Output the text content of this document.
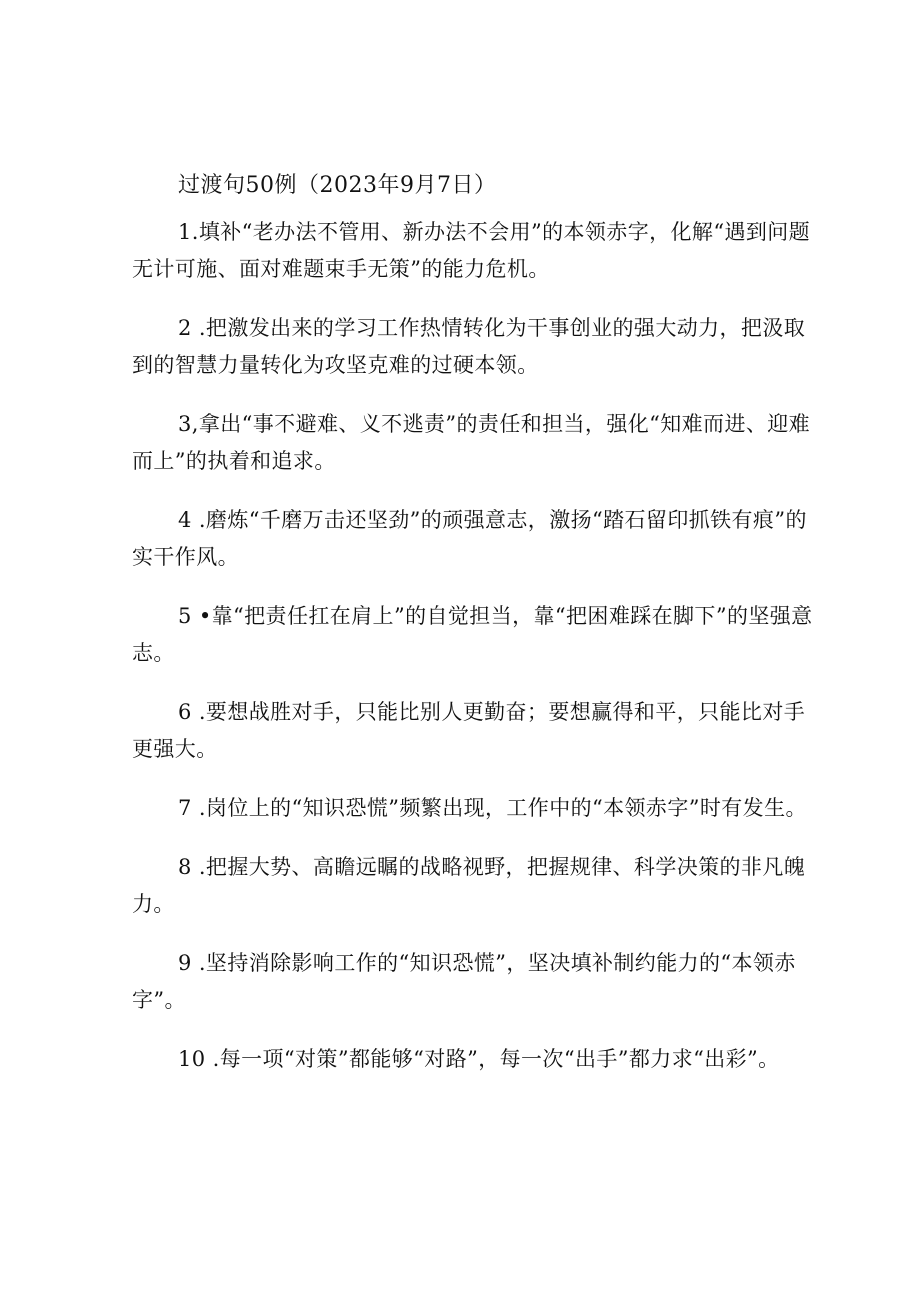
过渡句50例（2023年9月7日）

1.填补“老办法不管用、新办法不会用”的本领赤字，化解“遇到问题无计可施、面对难题束手无策”的能力危机。

2 .把激发出来的学习工作热情转化为干事创业的强大动力，把汲取到的智慧力量转化为攻坚克难的过硬本领。

3,拿出“事不避难、义不逃责”的责任和担当，强化“知难而进、迎难而上”的执着和追求。

4 .磨炼“千磨万击还坚劲”的顽强意志，激扬“踏石留印抓铁有痕”的实干作风。

5 •靠“把责任扛在肩上”的自觉担当，靠“把困难踩在脚下”的坚强意志。

6 .要想战胜对手，只能比别人更勤奋；要想赢得和平，只能比对手更强大。

7 .岗位上的“知识恐慌”频繁出现，工作中的“本领赤字”时有发生。

8 .把握大势、高瞻远瞩的战略视野，把握规律、科学决策的非凡魄力。

9 .坚持消除影响工作的“知识恐慌”，坚决填补制约能力的“本领赤字”。

10 .每一项“对策”都能够“对路”，每一次“出手”都力求“出彩”。
